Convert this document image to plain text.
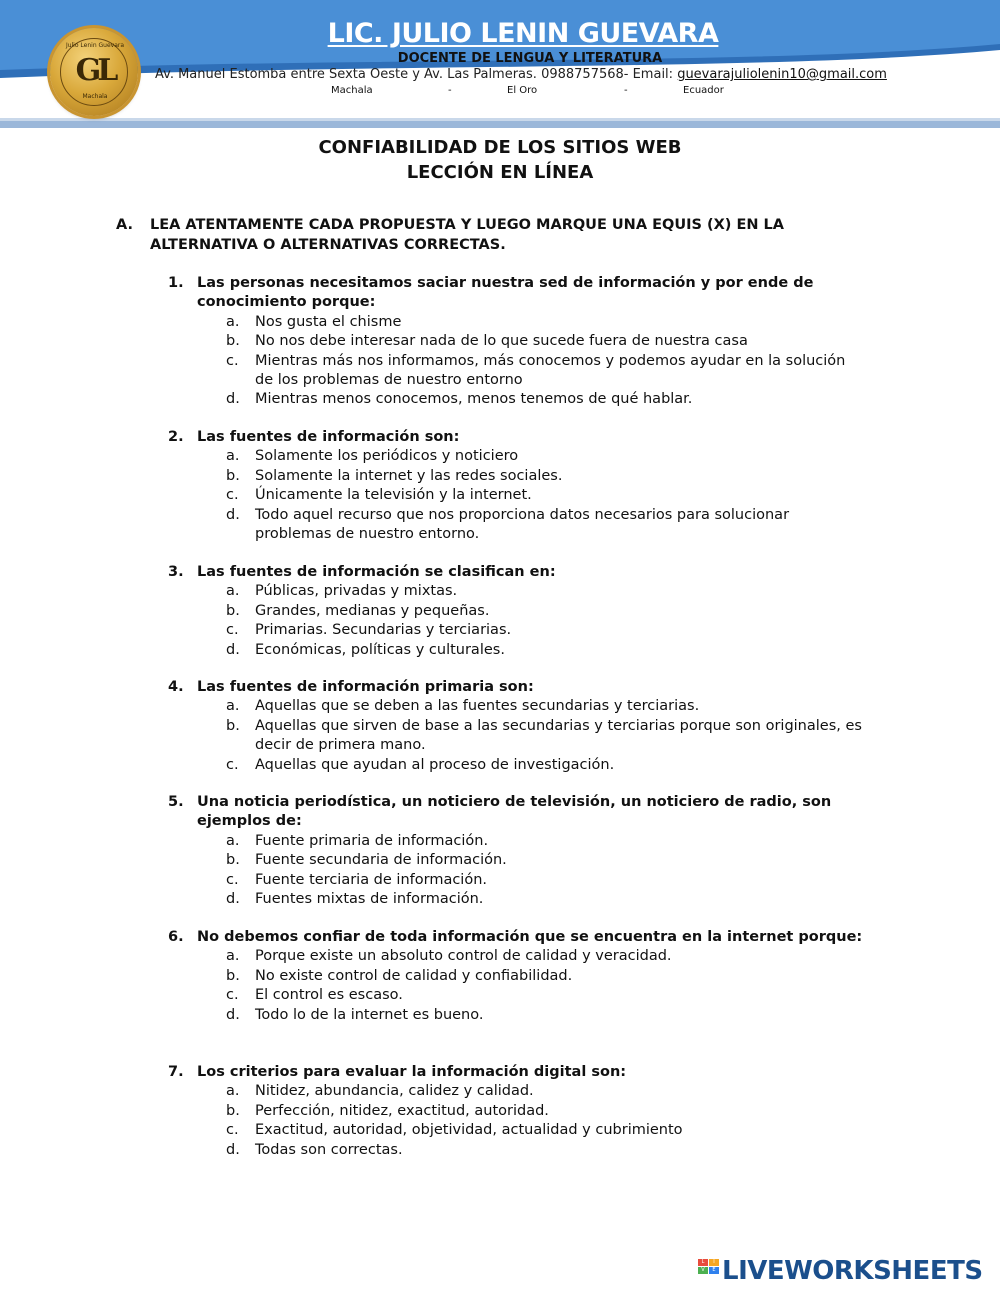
Julio Lenin Guevara
GL
Machala
LIC. JULIO LENIN GUEVARA
DOCENTE DE LENGUA Y LITERATURA
Av. Manuel Estomba entre Sexta Oeste y Av. Las Palmeras. 0988757568- Email: guevarajuliolenin10@gmail.com
Machala	-	El Oro	-	Ecuador
CONFIABILIDAD DE LOS SITIOS WEB
LECCIÓN EN LÍNEA
A. LEA ATENTAMENTE CADA PROPUESTA Y LUEGO MARQUE UNA EQUIS (X) EN LA ALTERNATIVA O ALTERNATIVAS CORRECTAS.
1. Las personas necesitamos saciar nuestra sed de información y por ende de conocimiento porque:
a. Nos gusta el chisme
b. No nos debe interesar nada de lo que sucede fuera de nuestra casa
c. Mientras más nos informamos, más conocemos y podemos ayudar en la solución de los problemas de nuestro entorno
d. Mientras menos conocemos, menos tenemos de qué hablar.
2. Las fuentes de información son:
a. Solamente los periódicos y noticiero
b. Solamente la internet y las redes sociales.
c. Únicamente la televisión y la internet.
d. Todo aquel recurso que nos proporciona datos necesarios para solucionar problemas de nuestro entorno.
3. Las fuentes de información se clasifican en:
a. Públicas, privadas y mixtas.
b. Grandes, medianas y pequeñas.
c. Primarias. Secundarias y terciarias.
d. Económicas, políticas y culturales.
4. Las fuentes de información primaria son:
a. Aquellas que se deben a las fuentes secundarias y terciarias.
b. Aquellas que sirven de base a las secundarias y terciarias porque son originales, es decir de primera mano.
c. Aquellas que ayudan al proceso de investigación.
5. Una noticia periodística, un noticiero de televisión, un noticiero de radio, son ejemplos de:
a. Fuente primaria de información.
b. Fuente secundaria de información.
c. Fuente terciaria de información.
d. Fuentes mixtas de información.
6. No debemos confiar de toda información que se encuentra en la internet porque:
a. Porque existe un absoluto control de calidad y veracidad.
b. No existe control de calidad y confiabilidad.
c. El control es escaso.
d. Todo lo de la internet es bueno.
7. Los criterios para evaluar la información digital son:
a. Nitidez, abundancia, calidez y calidad.
b. Perfección, nitidez, exactitud, autoridad.
c. Exactitud, autoridad, objetividad, actualidad y cubrimiento
d. Todas son correctas.
L	I
V	E LIVEWORKSHEETS
